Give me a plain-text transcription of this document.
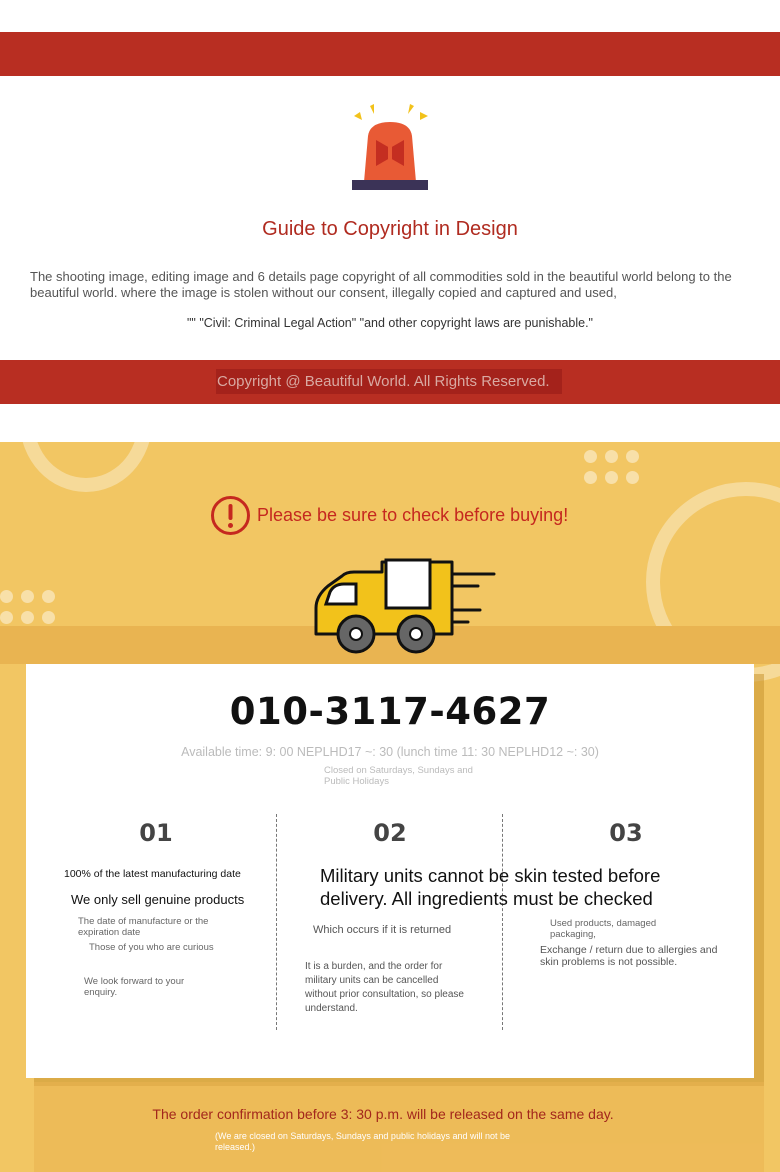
Guide to Copyright in Design
The shooting image, editing image and 6 details page copyright of all commodities sold in the beautiful world belong to the beautiful world. where the image is stolen without our consent, illegally copied and captured and used,
"" "Civil: Criminal Legal Action" "and other copyright laws are punishable."
Copyright @ Beautiful World. All Rights Reserved.
Please be sure to check before buying!
010-3117-4627
Available time: 9: 00 NEPLHD17 ~: 30 (lunch time 11: 30 NEPLHD12 ~: 30)
Closed on Saturdays, Sundays and Public Holidays
01	02	03
100% of the latest manufacturing date
We only sell genuine products
The date of manufacture or the expiration date
Those of you who are curious
We look forward to your enquiry.
Military units cannot be skin tested before delivery. All ingredients must be checked
Which occurs if it is returned
It is a burden, and the order for military units can be cancelled without prior consultation, so please understand.
Used products, damaged packaging,
Exchange / return due to allergies and skin problems is not possible.
The order confirmation before 3: 30 p.m. will be released on the same day.
(We are closed on Saturdays, Sundays and public holidays and will not be released.)
